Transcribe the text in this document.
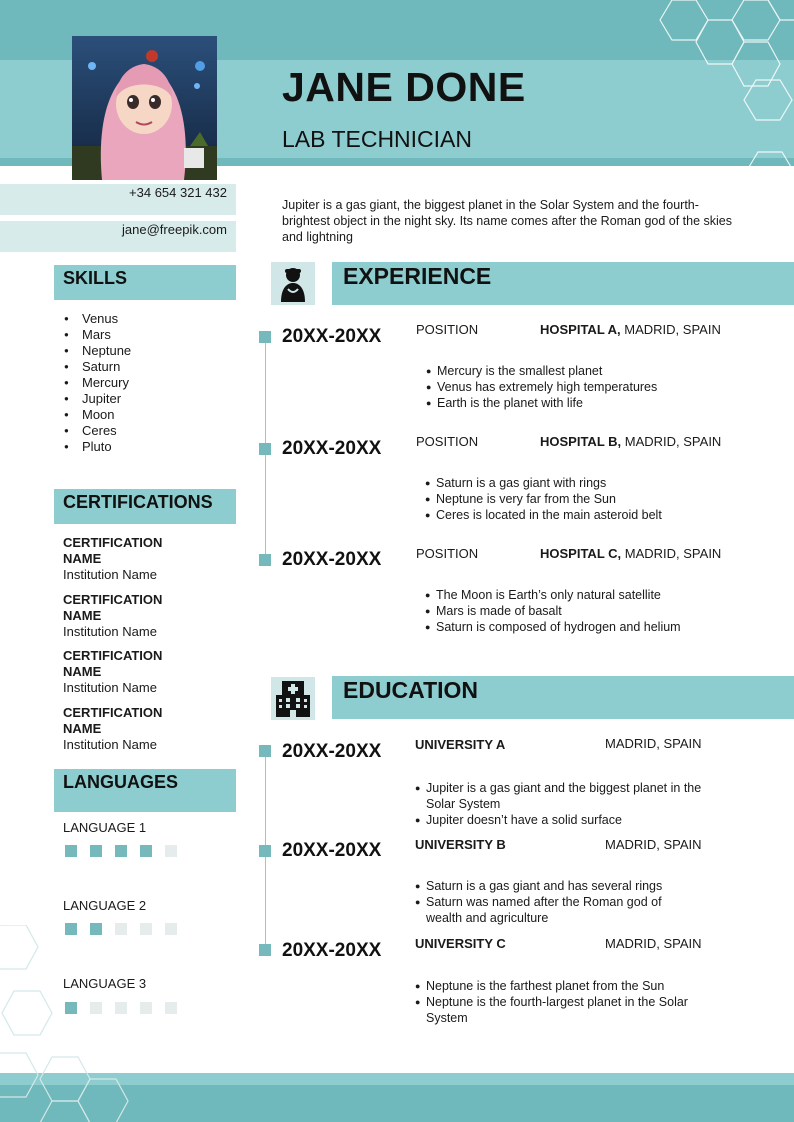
JANE DONE
LAB TECHNICIAN
+34 654 321 432
jane@freepik.com
Jupiter is a gas giant, the biggest planet in the Solar System and the fourth-brightest object in the night sky. Its name comes after the Roman god of the skies and lightning
SKILLS
● Venus
● Mars
● Neptune
● Saturn
● Mercury
● Jupiter
● Moon
● Ceres
● Pluto
CERTIFICATIONS
CERTIFICATION NAME
Institution Name
CERTIFICATION NAME
Institution Name
CERTIFICATION NAME
Institution Name
CERTIFICATION NAME
Institution Name
LANGUAGES
LANGUAGE 1
LANGUAGE 2
LANGUAGE 3
EXPERIENCE
20XX-20XX	POSITION	HOSPITAL A, MADRID, SPAIN
● Mercury is the smallest planet
● Venus has extremely high temperatures
● Earth is the planet with life
20XX-20XX	POSITION	HOSPITAL B, MADRID, SPAIN
● Saturn is a gas giant with rings
● Neptune is very far from the Sun
● Ceres is located in the main asteroid belt
20XX-20XX	POSITION	HOSPITAL C, MADRID, SPAIN
● The Moon is Earth’s only natural satellite
● Mars is made of basalt
● Saturn is composed of hydrogen and helium
EDUCATION
20XX-20XX	UNIVERSITY A	MADRID, SPAIN
● Jupiter is a gas giant and the biggest planet in the Solar System
● Jupiter doesn’t have a solid surface
20XX-20XX	UNIVERSITY B	MADRID, SPAIN
● Saturn is a gas giant and has several rings
● Saturn was named after the Roman god of wealth and agriculture
20XX-20XX	UNIVERSITY C	MADRID, SPAIN
● Neptune is the farthest planet from the Sun
● Neptune is the fourth-largest planet in the Solar System
